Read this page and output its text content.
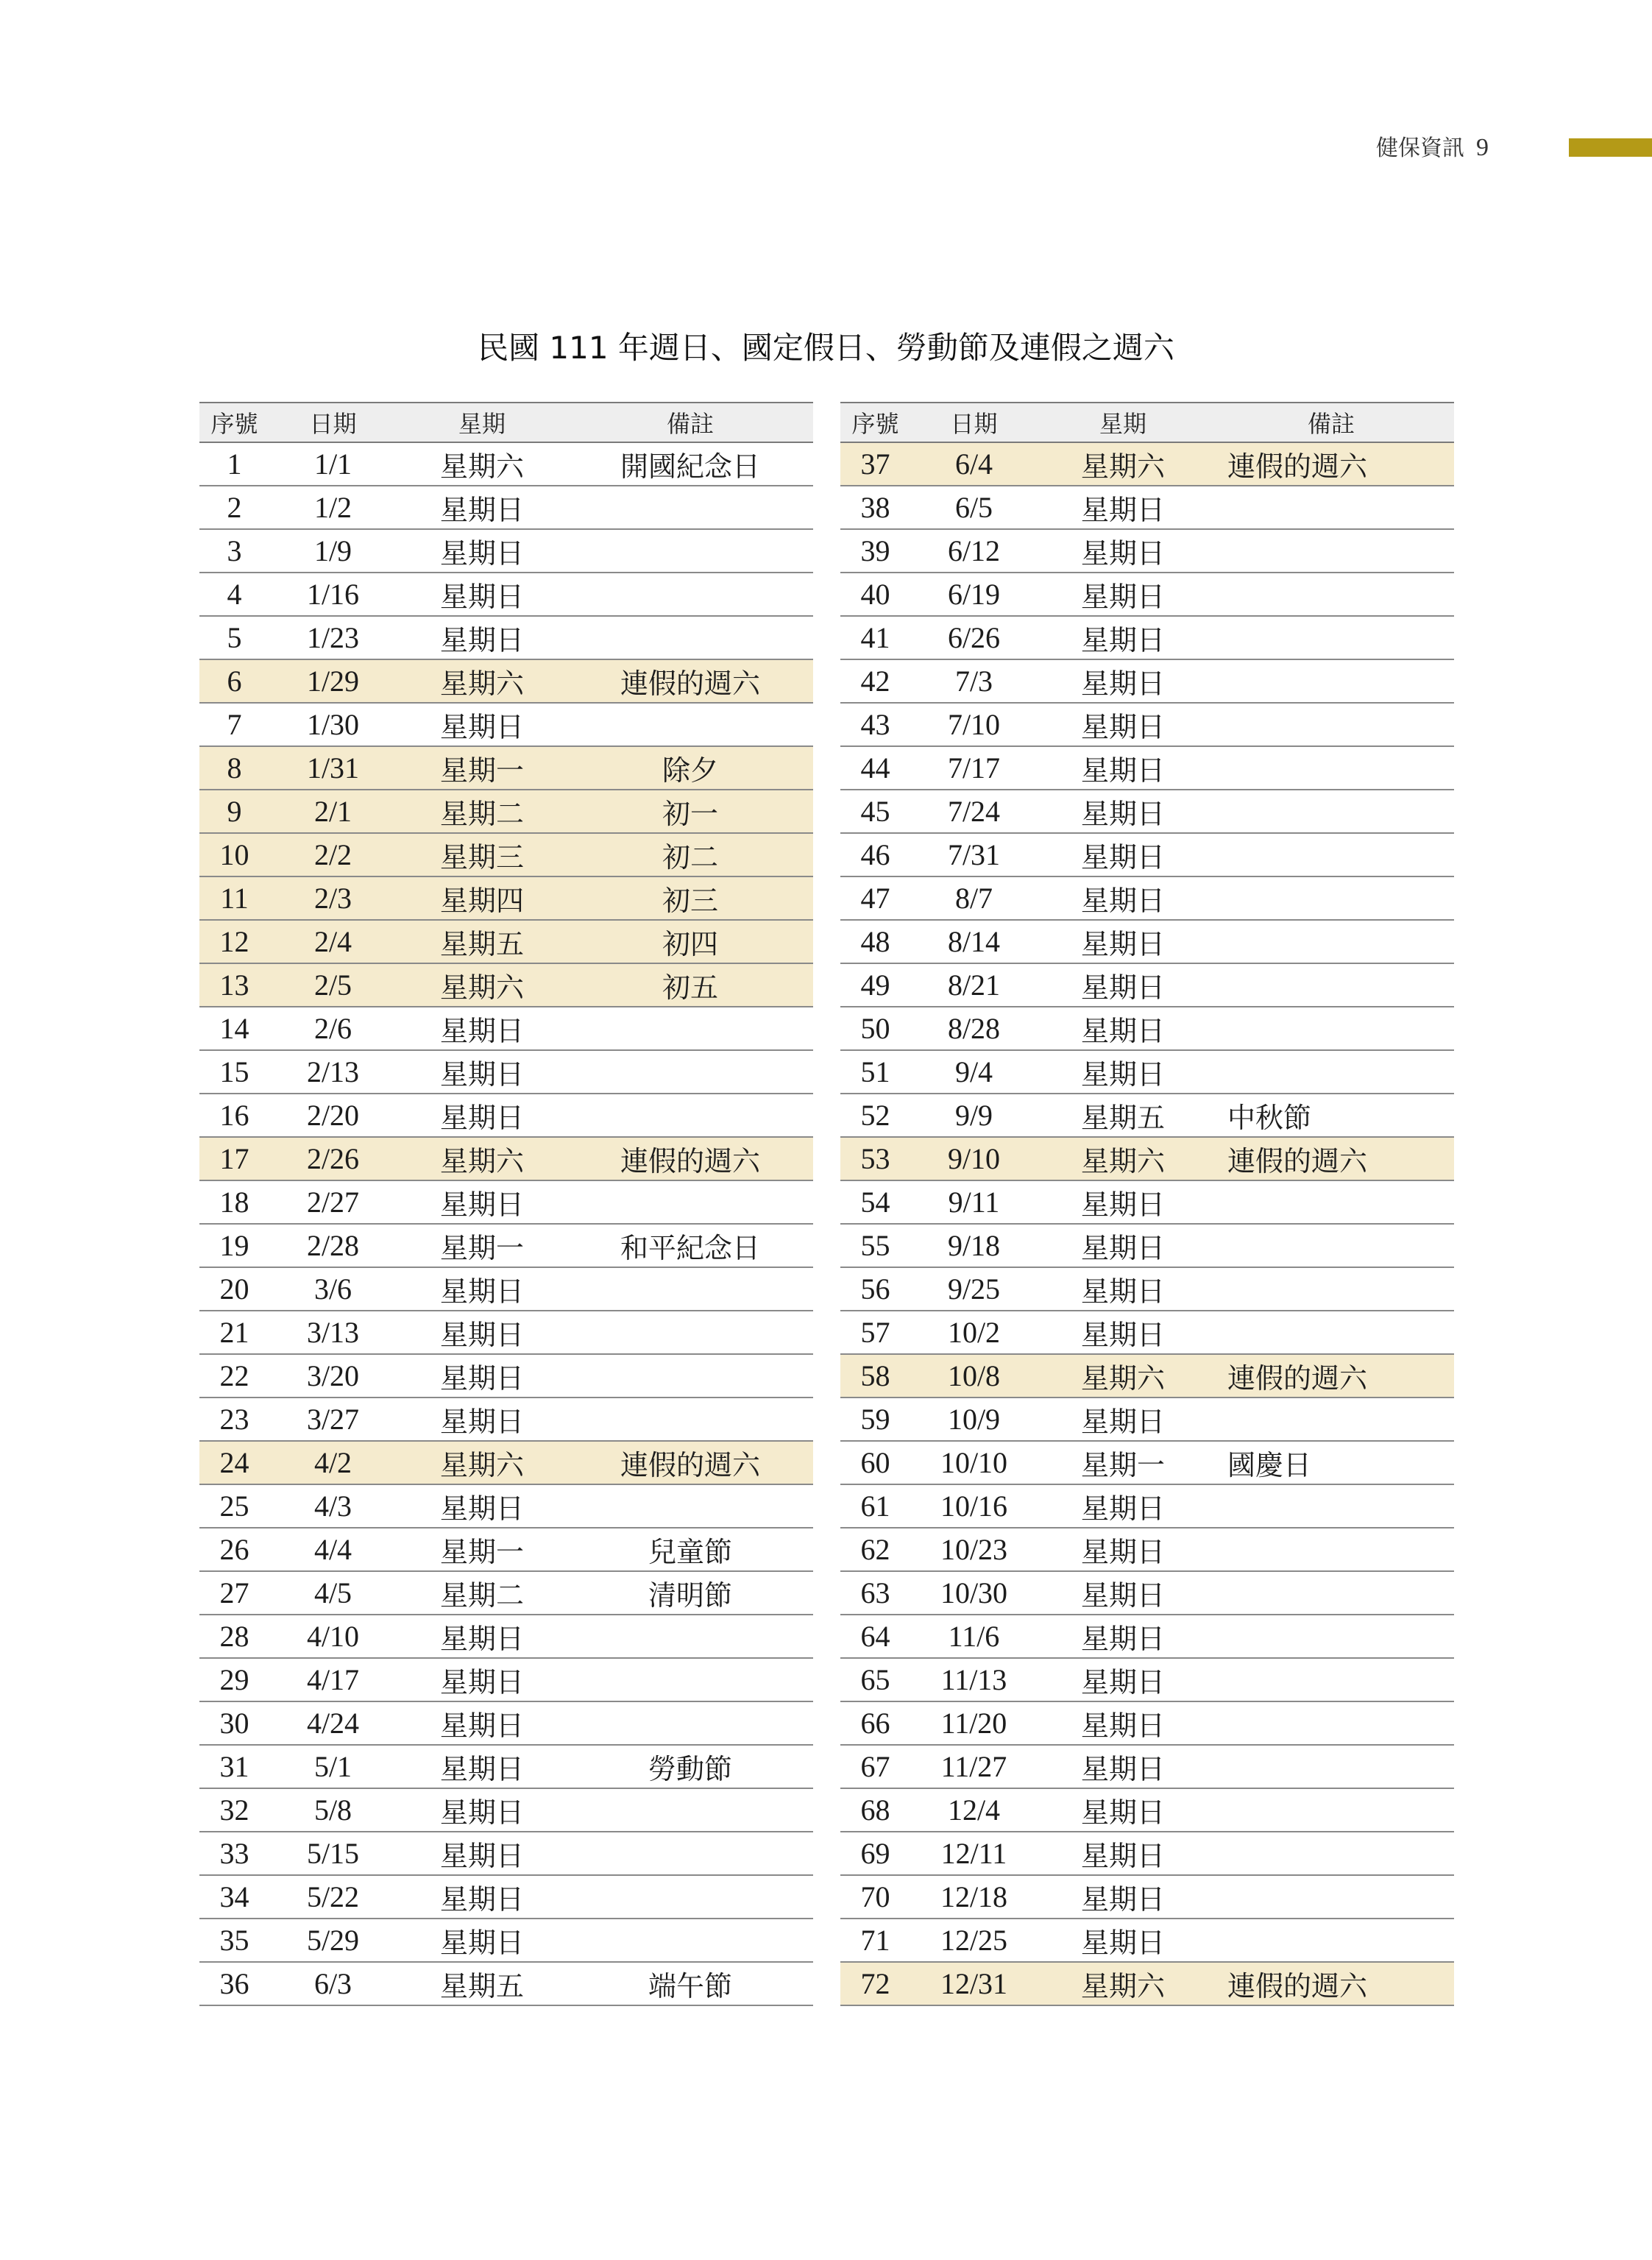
健保資訊 9
民國 111 年週日、國定假日、勞動節及連假之週六
序號	日期	星期	備註
1	1/1	星期六	開國紀念日
2	1/2	星期日	
3	1/9	星期日	
4	1/16	星期日	
5	1/23	星期日	
6	1/29	星期六	連假的週六
7	1/30	星期日	
8	1/31	星期一	除夕
9	2/1	星期二	初一
10	2/2	星期三	初二
11	2/3	星期四	初三
12	2/4	星期五	初四
13	2/5	星期六	初五
14	2/6	星期日	
15	2/13	星期日	
16	2/20	星期日	
17	2/26	星期六	連假的週六
18	2/27	星期日	
19	2/28	星期一	和平紀念日
20	3/6	星期日	
21	3/13	星期日	
22	3/20	星期日	
23	3/27	星期日	
24	4/2	星期六	連假的週六
25	4/3	星期日	
26	4/4	星期一	兒童節
27	4/5	星期二	清明節
28	4/10	星期日	
29	4/17	星期日	
30	4/24	星期日	
31	5/1	星期日	勞動節
32	5/8	星期日	
33	5/15	星期日	
34	5/22	星期日	
35	5/29	星期日	
36	6/3	星期五	端午節
序號	日期	星期	備註
37	6/4	星期六	連假的週六
38	6/5	星期日	
39	6/12	星期日	
40	6/19	星期日	
41	6/26	星期日	
42	7/3	星期日	
43	7/10	星期日	
44	7/17	星期日	
45	7/24	星期日	
46	7/31	星期日	
47	8/7	星期日	
48	8/14	星期日	
49	8/21	星期日	
50	8/28	星期日	
51	9/4	星期日	
52	9/9	星期五	中秋節
53	9/10	星期六	連假的週六
54	9/11	星期日	
55	9/18	星期日	
56	9/25	星期日	
57	10/2	星期日	
58	10/8	星期六	連假的週六
59	10/9	星期日	
60	10/10	星期一	國慶日
61	10/16	星期日	
62	10/23	星期日	
63	10/30	星期日	
64	11/6	星期日	
65	11/13	星期日	
66	11/20	星期日	
67	11/27	星期日	
68	12/4	星期日	
69	12/11	星期日	
70	12/18	星期日	
71	12/25	星期日	
72	12/31	星期六	連假的週六
